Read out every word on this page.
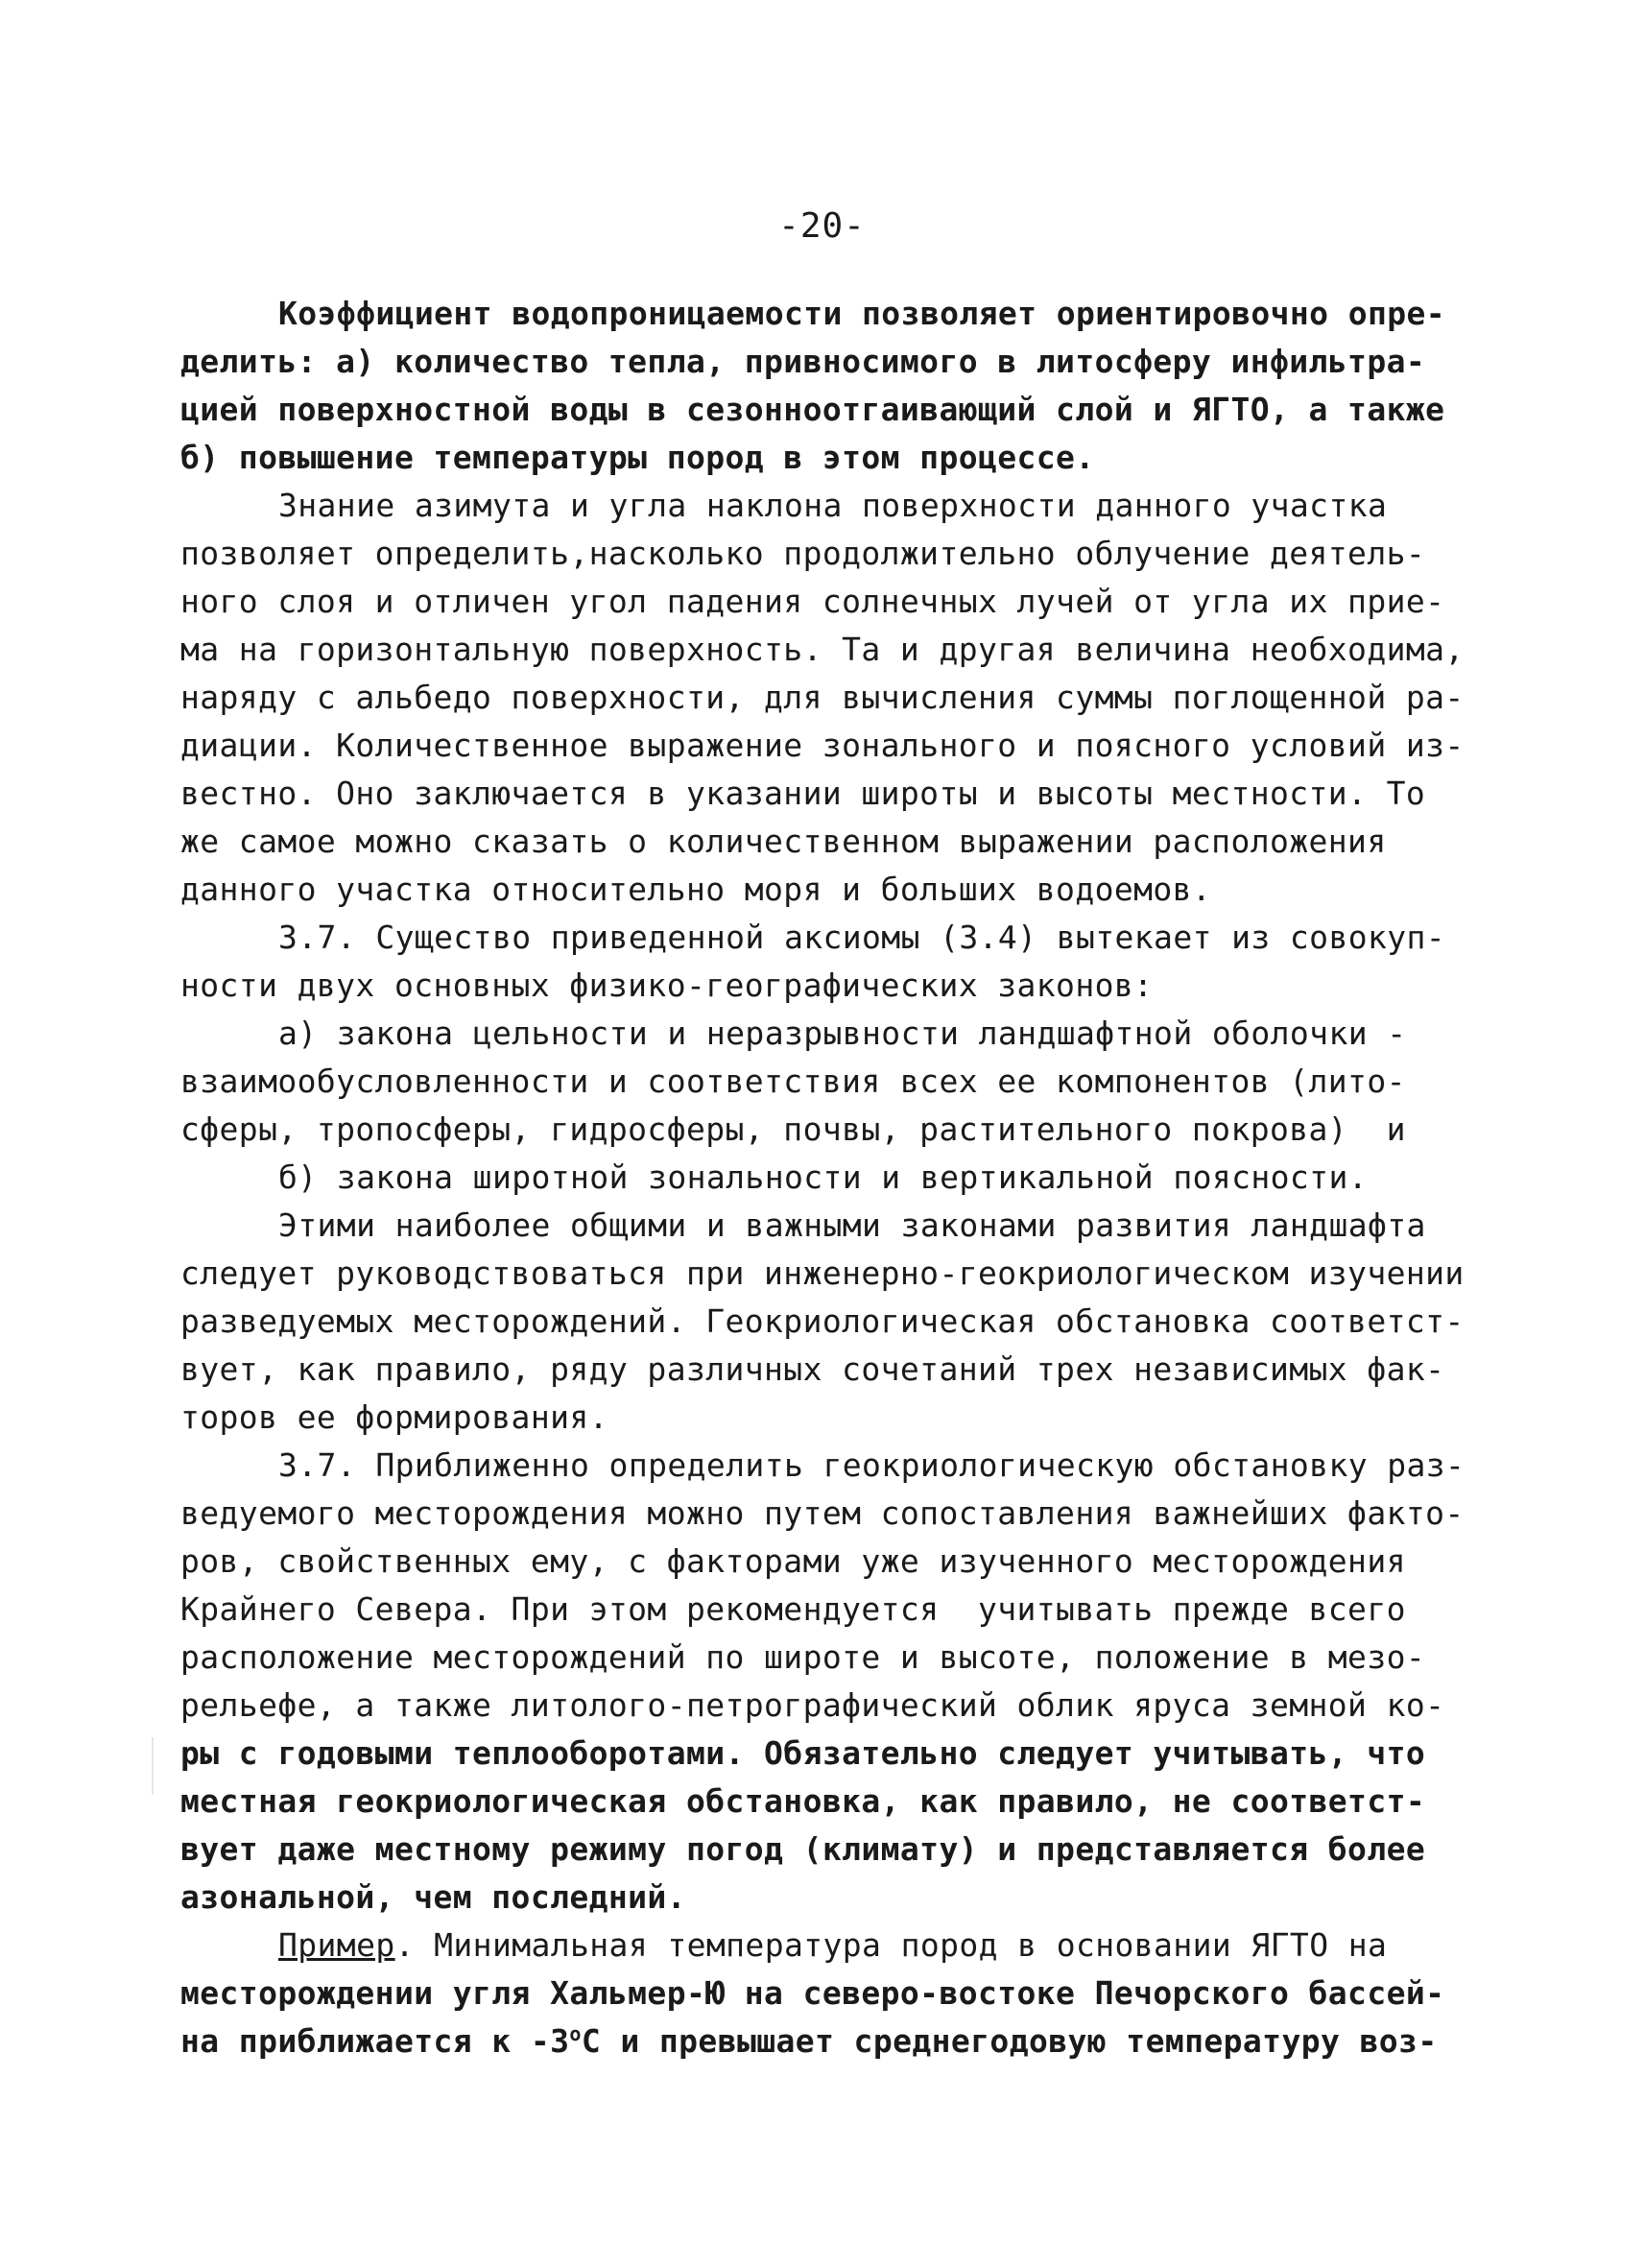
-20-
Коэффициент водопроницаемости позволяет ориентировочно опре-
делить: а) количество тепла, привносимого в литосферу инфильтра-
цией поверхностной воды в сезонноотгаивающий слой и ЯГТО, а также
б) повышение температуры пород в этом процессе.
Знание азимута и угла наклона поверхности данного участка
позволяет определить,насколько продолжительно облучение деятель-
ного слоя и отличен угол падения солнечных лучей от угла их прие-
ма на горизонтальную поверхность. Та и другая величина необходима,
наряду с альбедо поверхности, для вычисления суммы поглощенной ра-
диации. Количественное выражение зонального и поясного условий из-
вестно. Оно заключается в указании широты и высоты местности. То
же самое можно сказать о количественном выражении расположения
данного участка относительно моря и больших водоемов.
3.7. Существо приведенной аксиомы (3.4) вытекает из совокуп-
ности двух основных физико-географических законов:
а) закона цельности и неразрывности ландшафтной оболочки -
взаимообусловленности и соответствия всех ее компонентов (лито-
сферы, тропосферы, гидросферы, почвы, растительного покрова)  и
б) закона широтной зональности и вертикальной поясности.
Этими наиболее общими и важными законами развития ландшафта
следует руководствоваться при инженерно-геокриологическом изучении
разведуемых месторождений. Геокриологическая обстановка соответст-
вует, как правило, ряду различных сочетаний трех независимых фак-
торов ее формирования.
3.7. Приближенно определить геокриологическую обстановку раз-
ведуемого месторождения можно путем сопоставления важнейших факто-
ров, свойственных ему, с факторами уже изученного месторождения
Крайнего Севера. При этом рекомендуется  учитывать прежде всего
расположение месторождений по широте и высоте, положение в мезо-
рельефе, а также литолого-петрографический облик яруса земной ко-
ры с годовыми теплооборотами. Обязательно следует учитывать, что
местная геокриологическая обстановка, как правило, не соответст-
вует даже местному режиму погод (климату) и представляется более
азональной, чем последний.
Пример. Минимальная температура пород в основании ЯГТО на
месторождении угля Хальмер-Ю на северо-востоке Печорского бассей-
на приближается к -3$^o$С и превышает среднегодовую температуру воз-
